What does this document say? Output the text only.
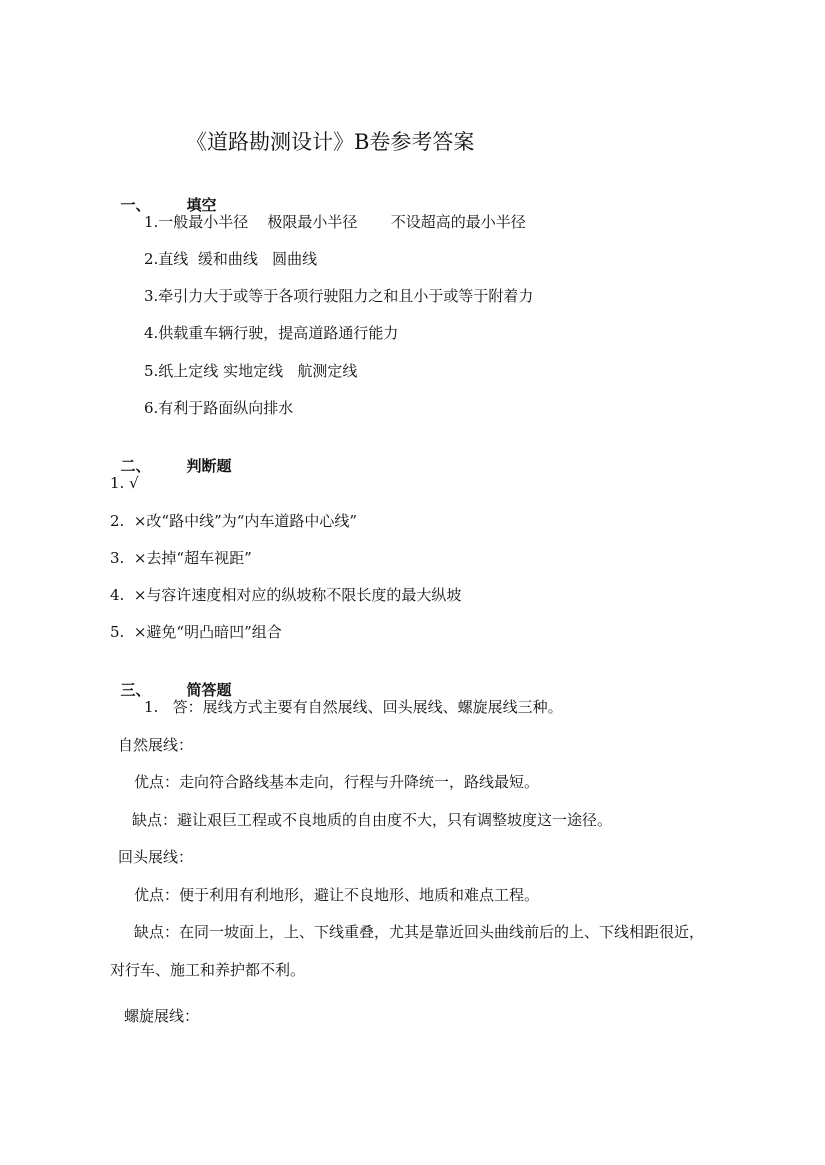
《道路勘测设计》B卷参考答案

一、 填空

1.一般最小半径    极限最小半径       不设超高的最小半径
2.直线  缓和曲线   圆曲线
3.牵引力大于或等于各项行驶阻力之和且小于或等于附着力
4.供载重车辆行驶，提高道路通行能力
5.纸上定线 实地定线   航测定线
6.有利于路面纵向排水

二、 判断题

1. √
2.  ×改“路中线”为“内车道路中心线”
3.  ×去掉“超车视距”
4.  ×与容许速度相对应的纵坡称不限长度的最大纵坡
5.  ×避免“明凸暗凹”组合

三、 简答题

1.   答：展线方式主要有自然展线、回头展线、螺旋展线三种。
自然展线：
优点：走向符合路线基本走向，行程与升降统一，路线最短。
缺点：避让艰巨工程或不良地质的自由度不大，只有调整坡度这一途径。
回头展线：
优点：便于利用有利地形，避让不良地形、地质和难点工程。
缺点：在同一坡面上，上、下线重叠，尤其是靠近回头曲线前后的上、下线相距很近，
对行车、施工和养护都不利。
螺旋展线：
